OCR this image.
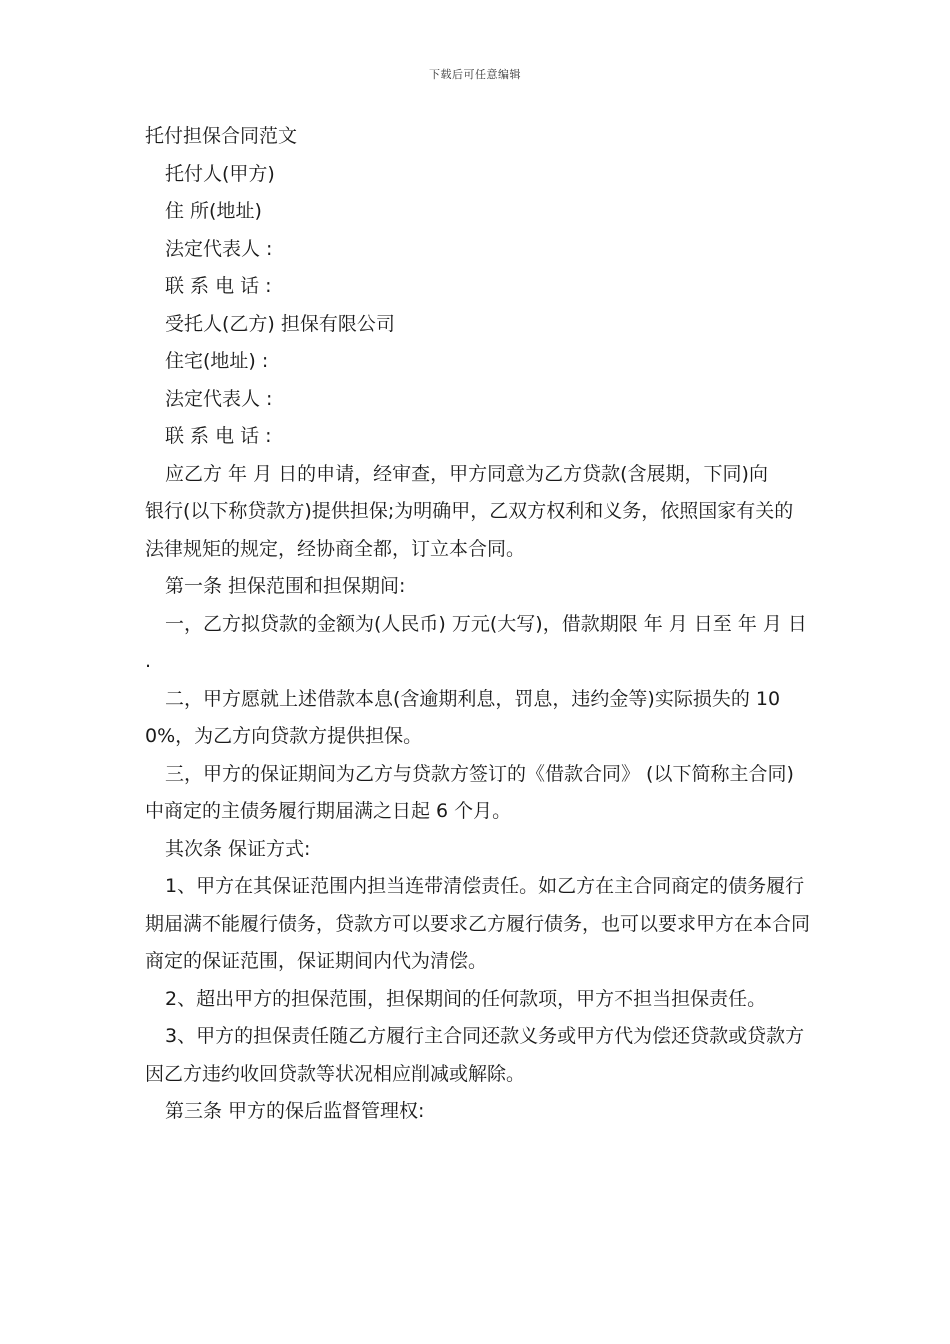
下载后可任意编辑

托付担保合同范文

托付人(甲方)

住 所(地址)

法定代表人 :

联 系 电 话 :

受托人(乙方) 担保有限公司

住宅(地址) :

法定代表人 :

联 系 电 话 :

应乙方 年 月 日的申请，经审查，甲方同意为乙方贷款(含展期，下同)向

银行(以下称贷款方)提供担保;为明确甲，乙双方权利和义务，依照国家有关的法律规矩的规定，经协商全都，订立本合同。

第一条 担保范围和担保期间:

一，乙方拟贷款的金额为(人民币) 万元(大写)，借款期限 年 月 日至 年 月 日 .

二，甲方愿就上述借款本息(含逾期利息，罚息，违约金等)实际损失的 100%，为乙方向贷款方提供担保。

三，甲方的保证期间为乙方与贷款方签订的《借款合同》 (以下简称主合同)中商定的主债务履行期届满之日起 6 个月。

其次条 保证方式:

1、甲方在其保证范围内担当连带清偿责任。如乙方在主合同商定的债务履行期届满不能履行债务，贷款方可以要求乙方履行债务，也可以要求甲方在本合同商定的保证范围，保证期间内代为清偿。

2、超出甲方的担保范围，担保期间的任何款项，甲方不担当担保责任。

3、甲方的担保责任随乙方履行主合同还款义务或甲方代为偿还贷款或贷款方因乙方违约收回贷款等状况相应削减或解除。

第三条 甲方的保后监督管理权:
